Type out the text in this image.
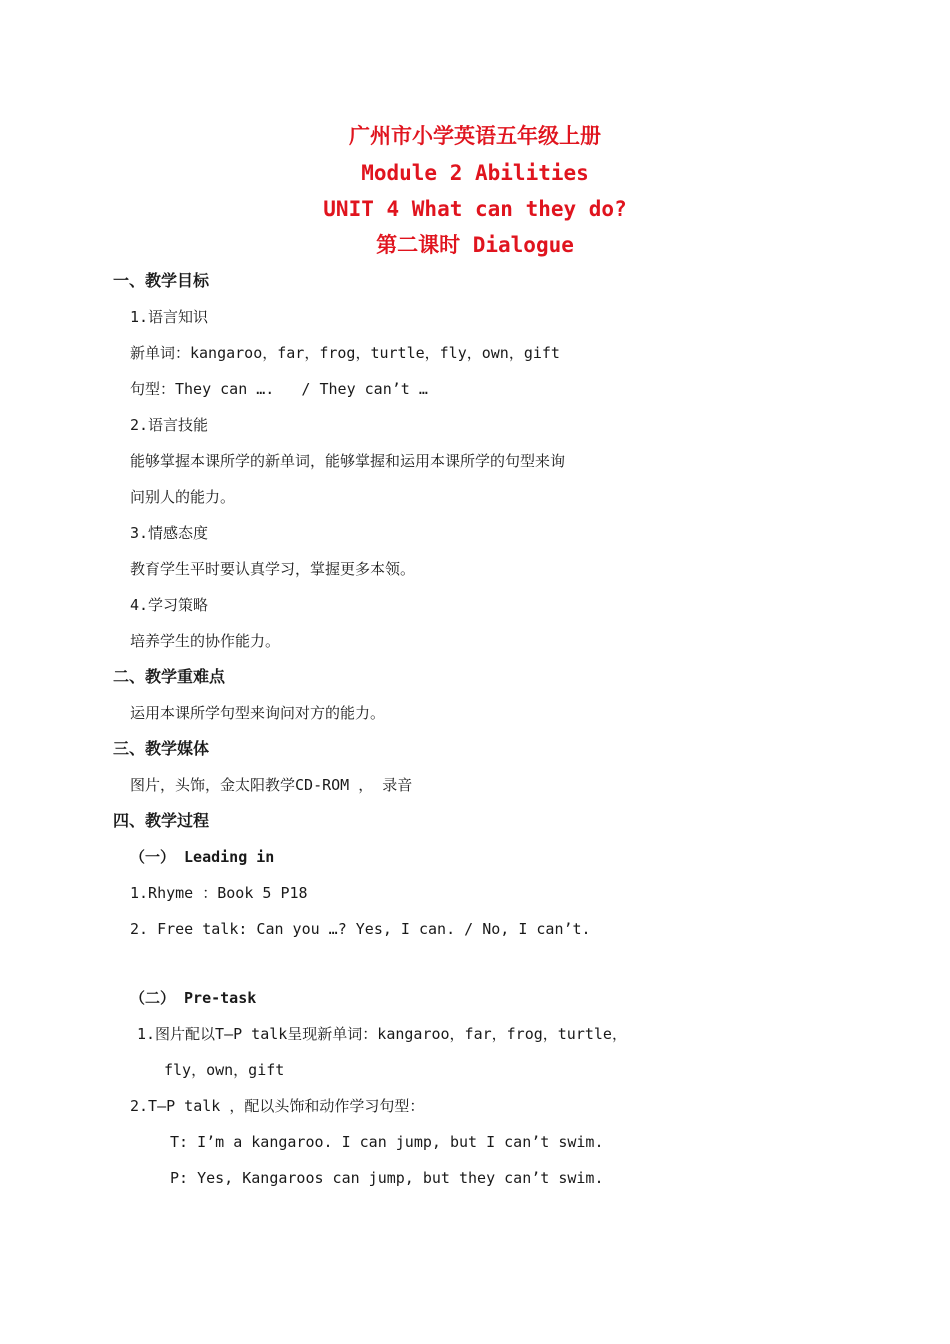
广州市小学英语五年级上册
Module 2 Abilities
UNIT 4 What can they do?
第二课时 Dialogue
一、教学目标
1.语言知识
新单词：kangaroo，far，frog，turtle，fly，own，gift
句型：They can ….   / They can’t …
2.语言技能
能够掌握本课所学的新单词，能够掌握和运用本课所学的句型来询
问别人的能力。
3.情感态度
教育学生平时要认真学习，掌握更多本领。
4.学习策略
培养学生的协作能力。
二、教学重难点
运用本课所学句型来询问对方的能力。
三、教学媒体
图片，头饰，金太阳教学CD-ROM ， 录音
四、教学过程
（一） Leading in
1.Rhyme ：Book 5 P18
2. Free talk: Can you …? Yes, I can. / No, I can’t.
（二） Pre-task
1.图片配以T—P talk呈现新单词：kangaroo，far，frog，turtle，
fly，own，gift
2.T—P talk ，配以头饰和动作学习句型：
T: I’m a kangaroo. I can jump, but I can’t swim.
P: Yes, Kangaroos can jump, but they can’t swim.
